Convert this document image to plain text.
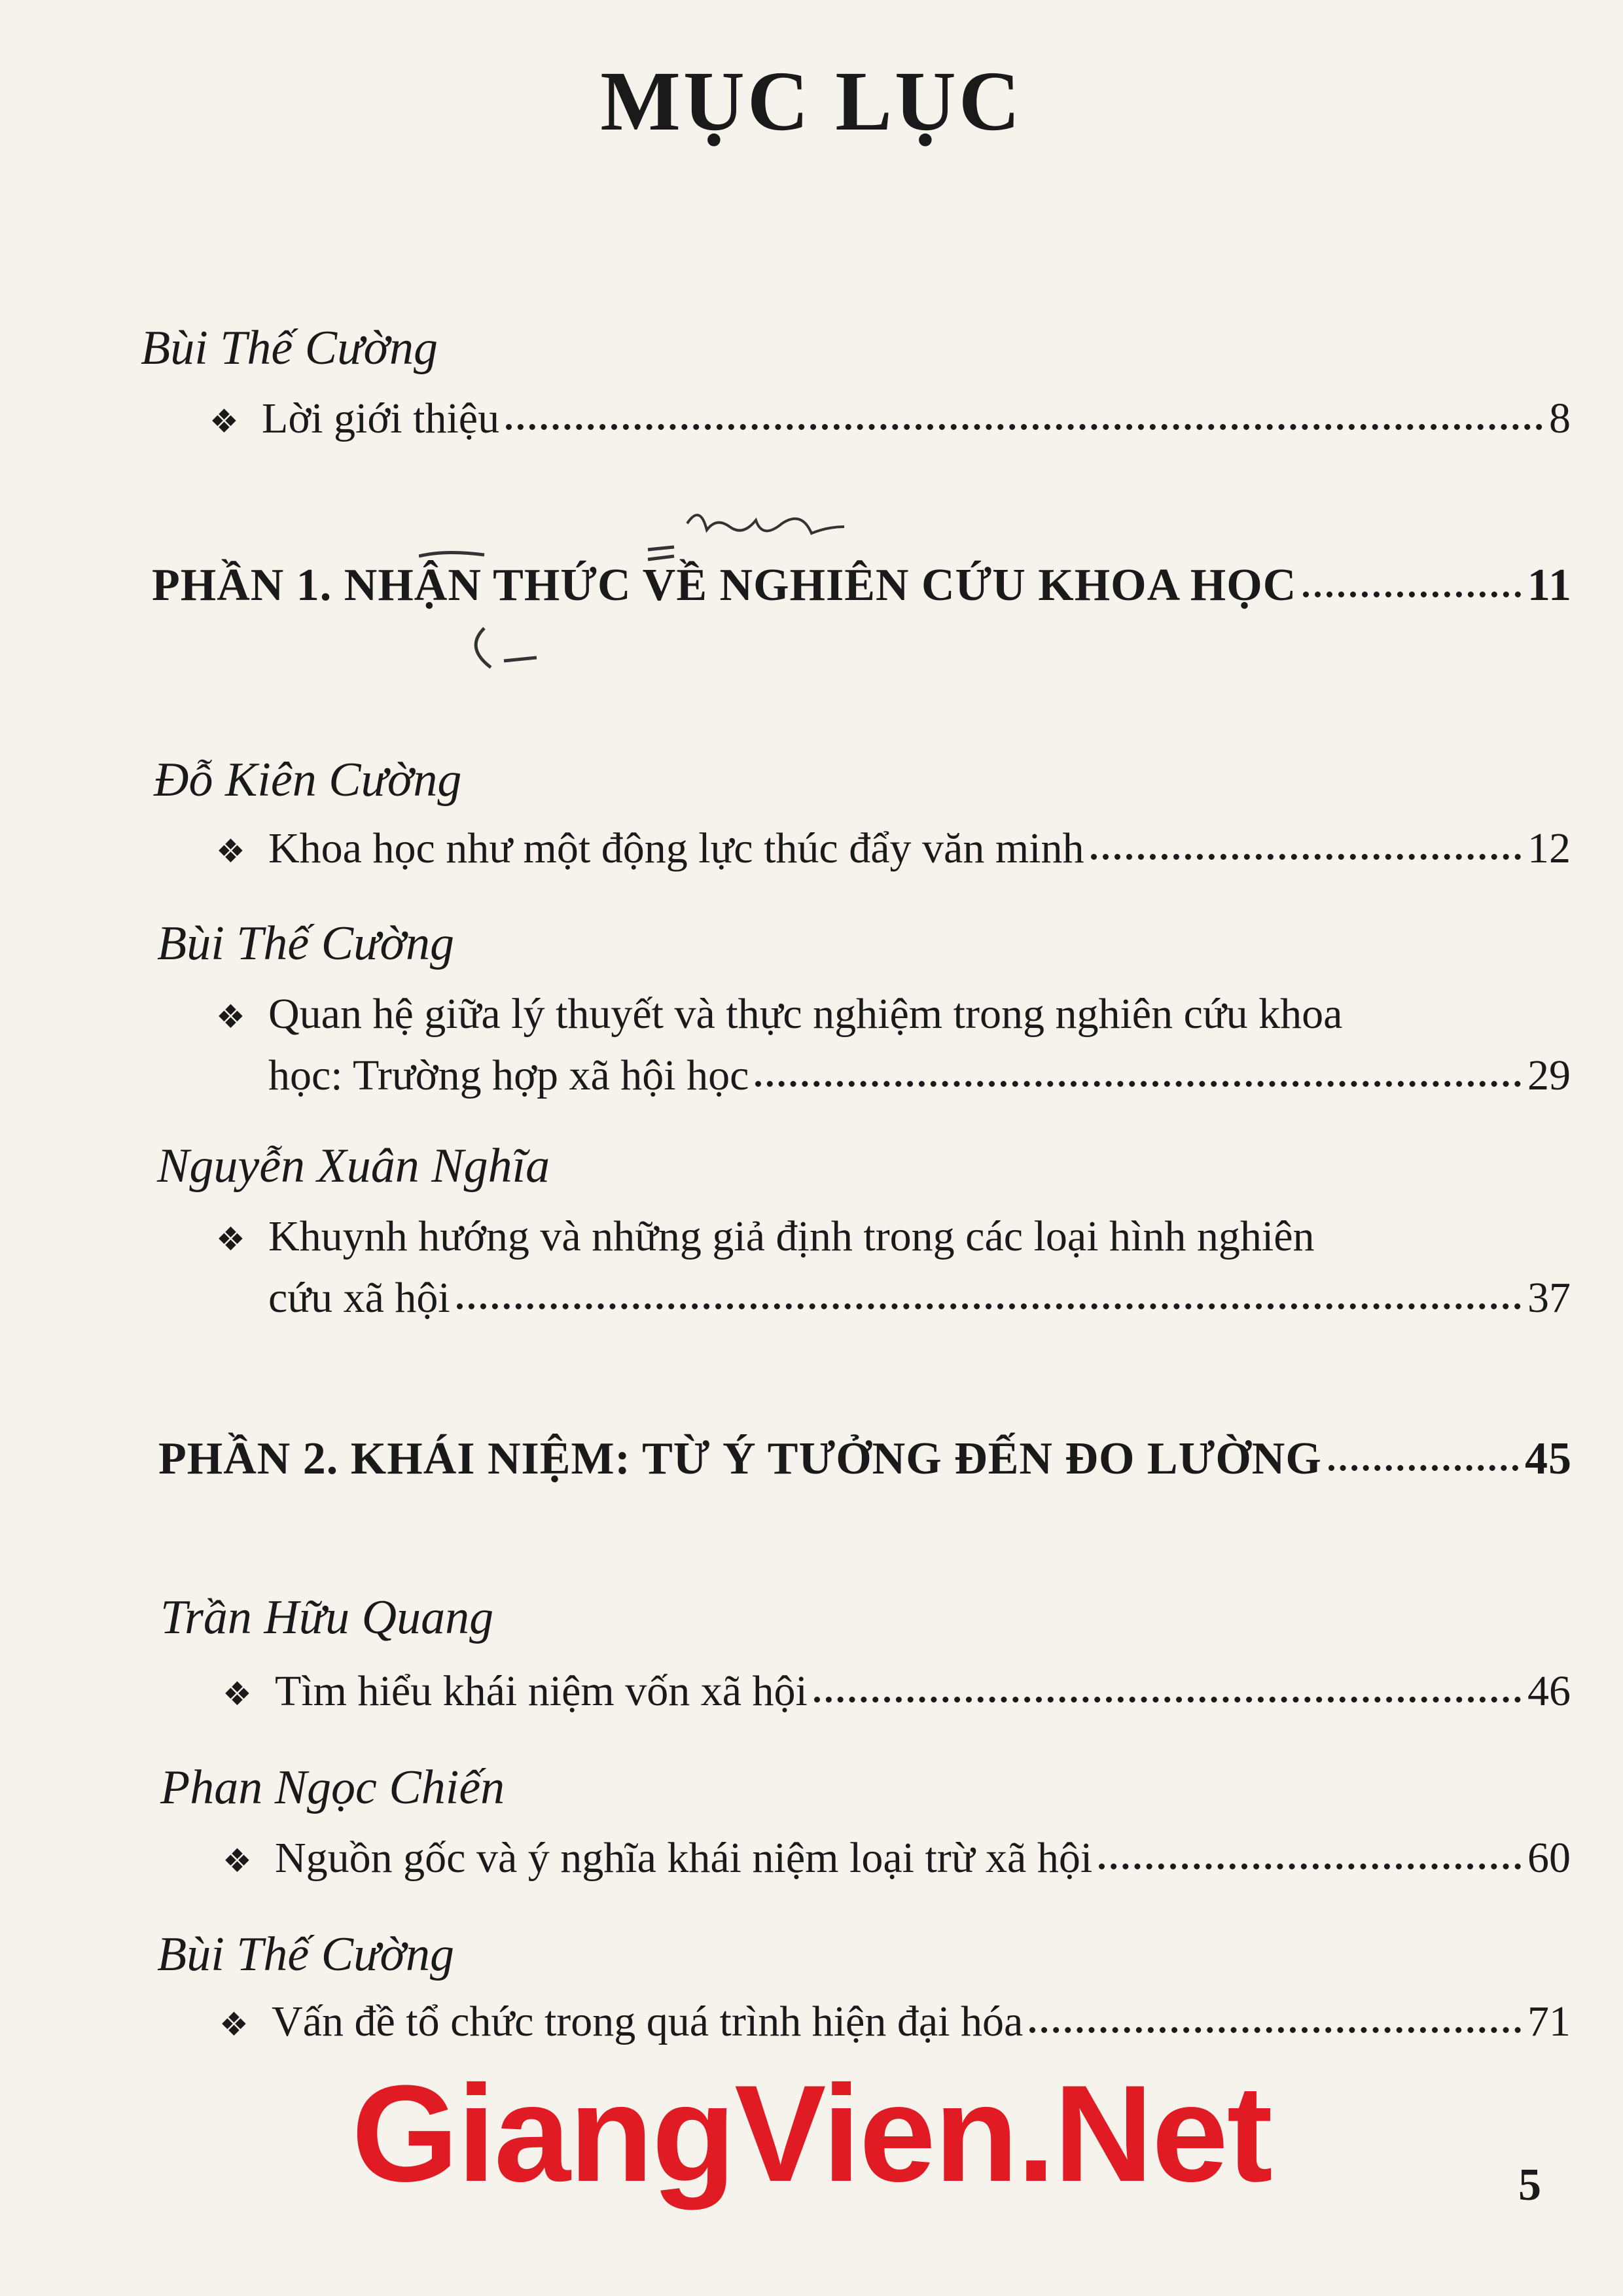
MỤC LỤC
Bùi Thế Cường
❖ Lời giới thiệu	8
PHẦN 1. NHẬN THỨC VỀ NGHIÊN CỨU KHOA HỌC	11
Đỗ Kiên Cường
❖ Khoa học như một động lực thúc đẩy văn minh	12
Bùi Thế Cường
❖ Quan hệ giữa lý thuyết và thực nghiệm trong nghiên cứu khoa
học: Trường hợp xã hội học	29
Nguyễn Xuân Nghĩa
❖ Khuynh hướng và những giả định trong các loại hình nghiên
cứu xã hội	37
PHẦN 2. KHÁI NIỆM: TỪ Ý TƯỞNG ĐẾN ĐO LƯỜNG	45
Trần Hữu Quang
❖ Tìm hiểu khái niệm vốn xã hội	46
Phan Ngọc Chiến
❖ Nguồn gốc và ý nghĩa khái niệm loại trừ xã hội	60
Bùi Thế Cường
❖ Vấn đề tổ chức trong quá trình hiện đại hóa	71
GiangVien.Net	5
